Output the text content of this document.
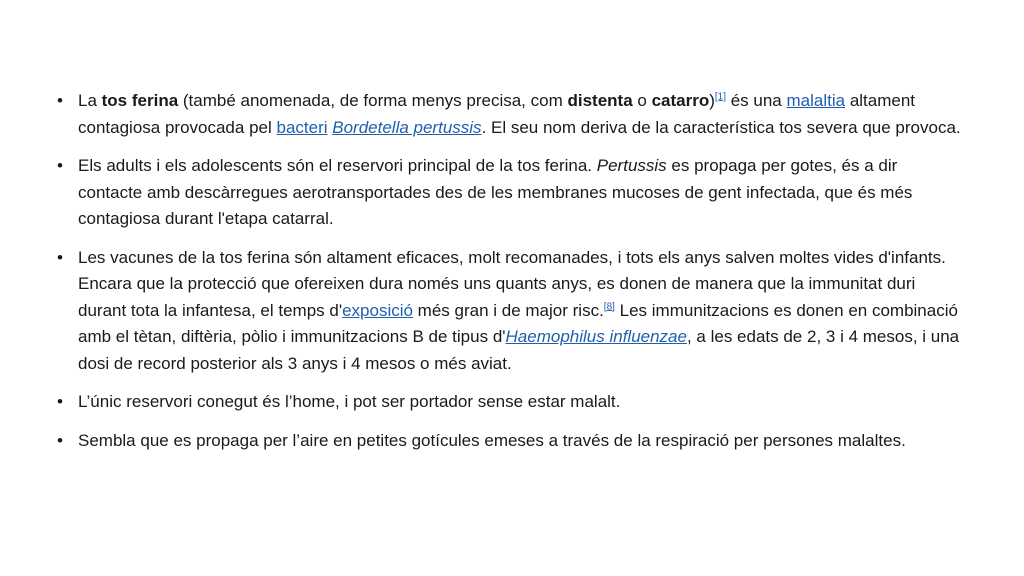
• La tos ferina (també anomenada, de forma menys precisa, com distenta o catarro)[1] és una malaltia altament contagiosa provocada pel bacteri Bordetella pertussis. El seu nom deriva de la característica tos severa que provoca.
• Els adults i els adolescents són el reservori principal de la tos ferina. Pertussis es propaga per gotes, és a dir contacte amb descàrregues aerotransportades des de les membranes mucoses de gent infectada, que és més contagiosa durant l'etapa catarral.
• Les vacunes de la tos ferina són altament eficaces, molt recomanades, i tots els anys salven moltes vides d'infants. Encara que la protecció que ofereixen dura només uns quants anys, es donen de manera que la immunitat duri durant tota la infantesa, el temps d'exposició més gran i de major risc.[8] Les immunitzacions es donen en combinació amb el tètan, diftèria, pòlio i immunitzacions B de tipus d'Haemophilus influenzae, a les edats de 2, 3 i 4 mesos, i una dosi de record posterior als 3 anys i 4 mesos o més aviat.
• L’únic reservori conegut és l’home, i pot ser portador sense estar malalt.
• Sembla que es propaga per l’aire en petites gotícules emeses a través de la respiració per persones malaltes.
